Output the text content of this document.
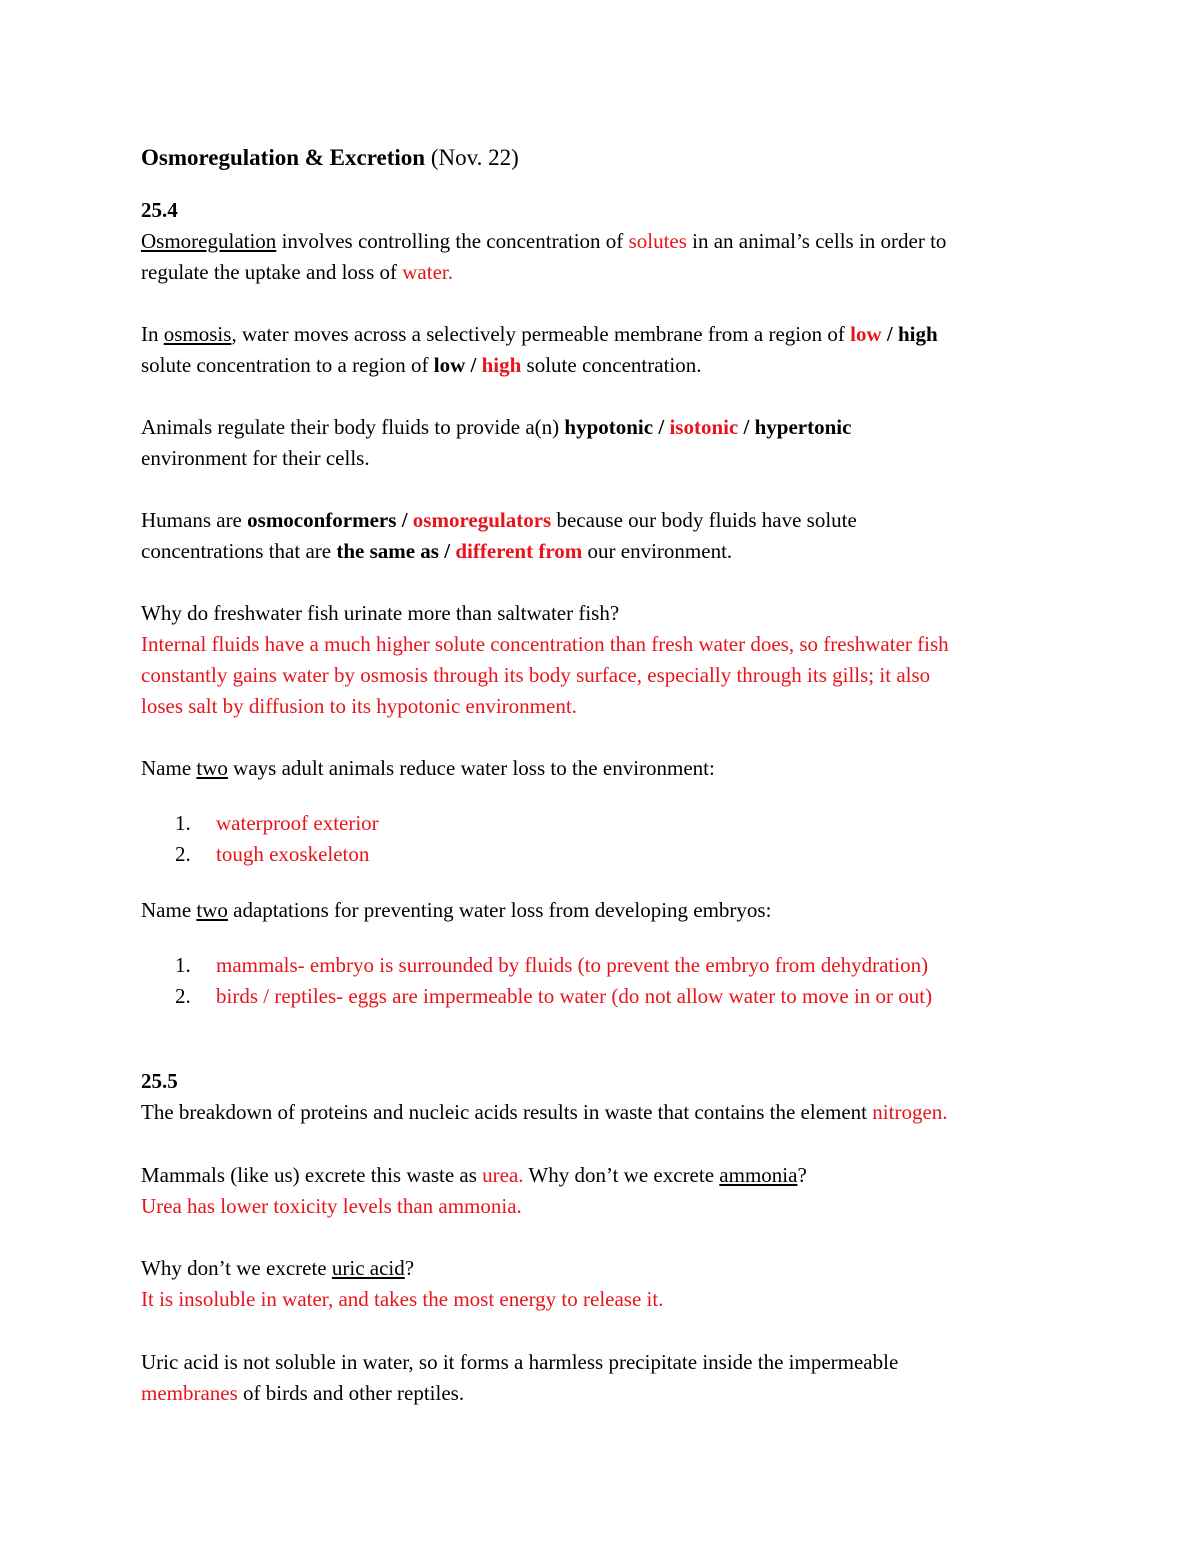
Osmoregulation & Excretion (Nov. 22)
25.4
Osmoregulation involves controlling the concentration of solutes in an animal’s cells in order to
regulate the uptake and loss of water.
In osmosis, water moves across a selectively permeable membrane from a region of low / high
solute concentration to a region of low / high solute concentration.
Animals regulate their body fluids to provide a(n) hypotonic / isotonic / hypertonic
environment for their cells.
Humans are osmoconformers / osmoregulators because our body fluids have solute
concentrations that are the same as / different from our environment.
Why do freshwater fish urinate more than saltwater fish?
Internal fluids have a much higher solute concentration than fresh water does, so freshwater fish
constantly gains water by osmosis through its body surface, especially through its gills; it also
loses salt by diffusion to its hypotonic environment.
Name two ways adult animals reduce water loss to the environment:
1. waterproof exterior
2. tough exoskeleton
Name two adaptations for preventing water loss from developing embryos:
1. mammals- embryo is surrounded by fluids (to prevent the embryo from dehydration)
2. birds / reptiles- eggs are impermeable to water (do not allow water to move in or out)
25.5
The breakdown of proteins and nucleic acids results in waste that contains the element nitrogen.
Mammals (like us) excrete this waste as urea. Why don’t we excrete ammonia?
Urea has lower toxicity levels than ammonia.
Why don’t we excrete uric acid?
It is insoluble in water, and takes the most energy to release it.
Uric acid is not soluble in water, so it forms a harmless precipitate inside the impermeable
membranes of birds and other reptiles.
